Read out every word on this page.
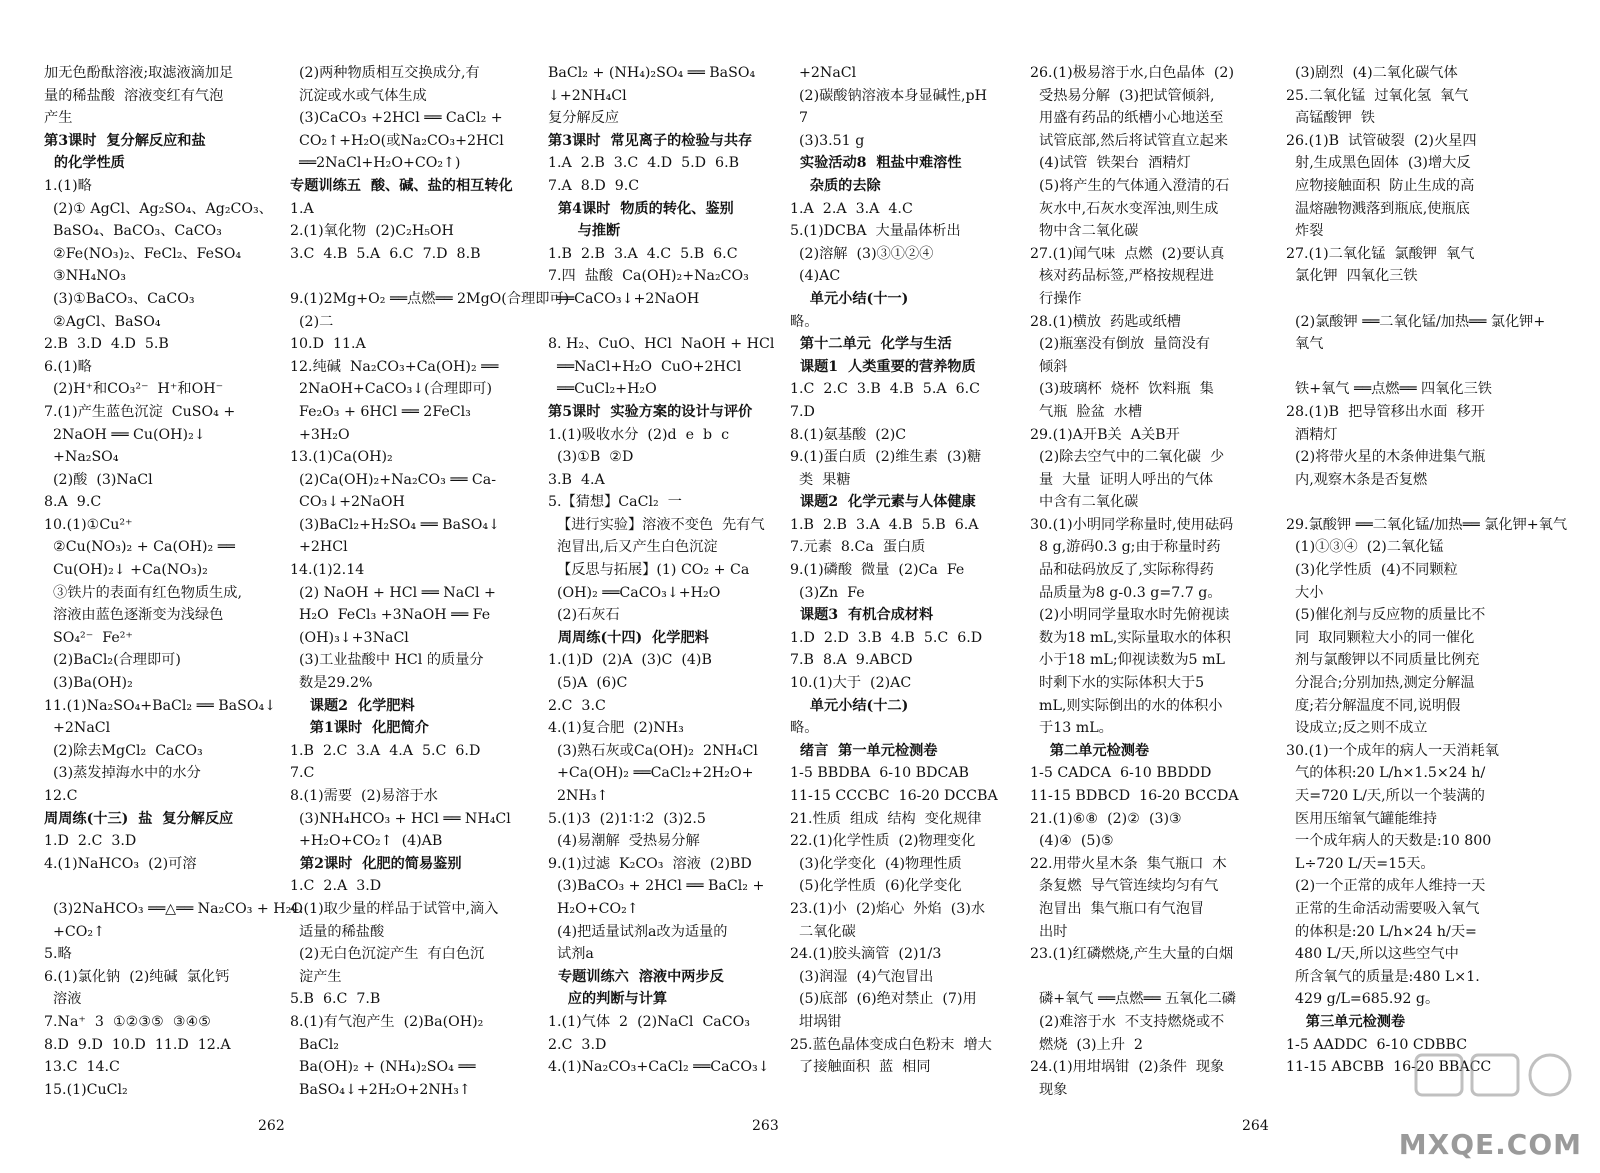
加无色酚酞溶液;取滤液滴加足
量的稀盐酸  溶液变红有气泡
产生
第3课时  复分解反应和盐
的化学性质
1.(1)略
(2)① AgCl、Ag₂SO₄、Ag₂CO₃、
BaSO₄、BaCO₃、CaCO₃
②Fe(NO₃)₂、FeCl₂、FeSO₄
③NH₄NO₃
(3)①BaCO₃、CaCO₃
②AgCl、BaSO₄
2.B  3.D  4.D  5.B
6.(1)略
(2)H⁺和CO₃²⁻  H⁺和OH⁻
7.(1)产生蓝色沉淀  CuSO₄ +
2NaOH ══ Cu(OH)₂↓
+Na₂SO₄
(2)酸  (3)NaCl
8.A  9.C
10.(1)①Cu²⁺
②Cu(NO₃)₂ + Ca(OH)₂ ══
Cu(OH)₂↓ +Ca(NO₃)₂
③铁片的表面有红色物质生成,
溶液由蓝色逐渐变为浅绿色
SO₄²⁻  Fe²⁺
(2)BaCl₂(合理即可)
(3)Ba(OH)₂
11.(1)Na₂SO₄+BaCl₂ ══ BaSO₄↓
+2NaCl
(2)除去MgCl₂  CaCO₃
(3)蒸发掉海水中的水分
12.C
周周练(十三)  盐  复分解反应
1.D  2.C  3.D
4.(1)NaHCO₃  (2)可溶
(3)2NaHCO₃ ══△══ Na₂CO₃ + H₂O
+CO₂↑
5.略
6.(1)氯化钠  (2)纯碱  氯化钙
溶液
7.Na⁺  3  ①②③⑤  ③④⑤
8.D  9.D  10.D  11.D  12.A
13.C  14.C
15.(1)CuCl₂
(2)两种物质相互交换成分,有
沉淀或水或气体生成
(3)CaCO₃ +2HCl ══ CaCl₂ +
CO₂↑+H₂O(或Na₂CO₃+2HCl
══2NaCl+H₂O+CO₂↑)
专题训练五  酸、碱、盐的相互转化
1.A
2.(1)氧化物  (2)C₂H₅OH
3.C  4.B  5.A  6.C  7.D  8.B
9.(1)2Mg+O₂ ══点燃══ 2MgO(合理即可)
(2)二
10.D  11.A
12.纯碱  Na₂CO₃+Ca(OH)₂ ══
2NaOH+CaCO₃↓(合理即可)
Fe₂O₃ + 6HCl ══ 2FeCl₃
+3H₂O
13.(1)Ca(OH)₂
(2)Ca(OH)₂+Na₂CO₃ ══ Ca-
CO₃↓+2NaOH
(3)BaCl₂+H₂SO₄ ══ BaSO₄↓
+2HCl
14.(1)2.14
(2) NaOH + HCl ══ NaCl +
H₂O  FeCl₃ +3NaOH ══ Fe
(OH)₃↓+3NaCl
(3)工业盐酸中 HCl 的质量分
数是29.2%
课题2  化学肥料
第1课时  化肥简介
1.B  2.C  3.A  4.A  5.C  6.D
7.C
8.(1)需要  (2)易溶于水
(3)NH₄HCO₃ + HCl ══ NH₄Cl
+H₂O+CO₂↑  (4)AB
第2课时  化肥的简易鉴别
1.C  2.A  3.D
4.(1)取少量的样品于试管中,滴入
适量的稀盐酸
(2)无白色沉淀产生  有白色沉
淀产生
5.B  6.C  7.B
8.(1)有气泡产生  (2)Ba(OH)₂
BaCl₂
Ba(OH)₂ + (NH₄)₂SO₄ ══
BaSO₄↓+2H₂O+2NH₃↑
BaCl₂ + (NH₄)₂SO₄ ══ BaSO₄
↓+2NH₄Cl
复分解反应
第3课时  常见离子的检验与共存
1.A  2.B  3.C  4.D  5.D  6.B
7.A  8.D  9.C
第4课时  物质的转化、鉴别
与推断
1.B  2.B  3.A  4.C  5.B  6.C
7.四  盐酸  Ca(OH)₂+Na₂CO₃
══CaCO₃↓+2NaOH
8. H₂、CuO、HCl  NaOH + HCl
══NaCl+H₂O  CuO+2HCl
══CuCl₂+H₂O
第5课时  实验方案的设计与评价
1.(1)吸收水分  (2)d  e  b  c
(3)①B  ②D
3.B  4.A
5.【猜想】CaCl₂  一
【进行实验】溶液不变色  先有气
泡冒出,后又产生白色沉淀
【反思与拓展】(1) CO₂ + Ca
(OH)₂ ══CaCO₃↓+H₂O
(2)石灰石
周周练(十四)  化学肥料
1.(1)D  (2)A  (3)C  (4)B
(5)A  (6)C
2.C  3.C
4.(1)复合肥  (2)NH₃
(3)熟石灰或Ca(OH)₂  2NH₄Cl
+Ca(OH)₂ ══CaCl₂+2H₂O+
2NH₃↑
5.(1)3  (2)1∶1∶2  (3)2.5
(4)易潮解  受热易分解
9.(1)过滤  K₂CO₃  溶液  (2)BD
(3)BaCO₃ + 2HCl ══ BaCl₂ +
H₂O+CO₂↑
(4)把适量试剂a改为适量的
试剂a
专题训练六  溶液中两步反
应的判断与计算
1.(1)气体  2  (2)NaCl  CaCO₃
2.C  3.D
4.(1)Na₂CO₃+CaCl₂ ══CaCO₃↓
+2NaCl
(2)碳酸钠溶液本身显碱性,pH
7
(3)3.51 g
实验活动8  粗盐中难溶性
杂质的去除
1.A  2.A  3.A  4.C
5.(1)DCBA  大量晶体析出
(2)溶解  (3)③①②④
(4)AC
单元小结(十一)
略。
第十二单元  化学与生活
课题1  人类重要的营养物质
1.C  2.C  3.B  4.B  5.A  6.C
7.D
8.(1)氨基酸  (2)C
9.(1)蛋白质  (2)维生素  (3)糖
类  果糖
课题2  化学元素与人体健康
1.B  2.B  3.A  4.B  5.B  6.A
7.元素  8.Ca  蛋白质
9.(1)磷酸  微量  (2)Ca  Fe
(3)Zn  Fe
课题3  有机合成材料
1.D  2.D  3.B  4.B  5.C  6.D
7.B  8.A  9.ABCD
10.(1)大于  (2)AC
单元小结(十二)
略。
绪言  第一单元检测卷
1-5 BBDBA  6-10 BDCAB
11-15 CCCBC  16-20 DCCBA
21.性质  组成  结构  变化规律
22.(1)化学性质  (2)物理变化
(3)化学变化  (4)物理性质
(5)化学性质  (6)化学变化
23.(1)小  (2)焰心  外焰  (3)水
二氧化碳
24.(1)胶头滴管  (2)1/3
(3)润湿  (4)气泡冒出
(5)底部  (6)绝对禁止  (7)用
坩埚钳
25.蓝色晶体变成白色粉末  增大
了接触面积  蓝  相同
26.(1)极易溶于水,白色晶体  (2)
受热易分解  (3)把试管倾斜,
用盛有药品的纸槽小心地送至
试管底部,然后将试管直立起来
(4)试管  铁架台  酒精灯
(5)将产生的气体通入澄清的石
灰水中,石灰水变浑浊,则生成
物中含二氧化碳
27.(1)闻气味  点燃  (2)要认真
核对药品标签,严格按规程进
行操作
28.(1)横放  药匙或纸槽
(2)瓶塞没有倒放  量筒没有
倾斜
(3)玻璃杯  烧杯  饮料瓶  集
气瓶  脸盆  水槽
29.(1)A开B关  A关B开
(2)除去空气中的二氧化碳  少
量  大量  证明人呼出的气体
中含有二氧化碳
30.(1)小明同学称量时,使用砝码
8 g,游码0.3 g;由于称量时药
品和砝码放反了,实际称得药
品质量为8 g-0.3 g=7.7 g。
(2)小明同学量取水时先俯视读
数为18 mL,实际量取水的体积
小于18 mL;仰视读数为5 mL
时剩下水的实际体积大于5
mL,则实际倒出的水的体积小
于13 mL。
第二单元检测卷
1-5 CADCA  6-10 BBDDD
11-15 BDBCD  16-20 BCCDA
21.(1)⑥⑧  (2)②  (3)③
(4)④  (5)⑤
22.用带火星木条  集气瓶口  木
条复燃  导气管连续均匀有气
泡冒出  集气瓶口有气泡冒
出时
23.(1)红磷燃烧,产生大量的白烟
磷+氧气 ══点燃══ 五氧化二磷
(2)难溶于水  不支持燃烧或不
燃烧  (3)上升  2
24.(1)用坩埚钳  (2)条件  现象
现象
(3)剧烈  (4)二氧化碳气体
25.二氧化锰  过氧化氢  氧气
高锰酸钾  铁
26.(1)B  试管破裂  (2)火星四
射,生成黑色固体  (3)增大反
应物接触面积  防止生成的高
温熔融物溅落到瓶底,使瓶底
炸裂
27.(1)二氧化锰  氯酸钾  氧气
氯化钾  四氧化三铁
(2)氯酸钾 ══二氧化锰/加热══ 氯化钾+
氧气
铁+氧气 ══点燃══ 四氧化三铁
28.(1)B  把导管移出水面  移开
酒精灯
(2)将带火星的木条伸进集气瓶
内,观察木条是否复燃
29.氯酸钾 ══二氧化锰/加热══ 氯化钾+氧气
(1)①③④  (2)二氧化锰
(3)化学性质  (4)不同颗粒
大小
(5)催化剂与反应物的质量比不
同  取同颗粒大小的同一催化
剂与氯酸钾以不同质量比例充
分混合;分别加热,测定分解温
度;若分解温度不同,说明假
设成立;反之则不成立
30.(1)一个成年的病人一天消耗氧
气的体积:20 L/h×1.5×24 h/
天=720 L/天,所以一个装满的
医用压缩氧气罐能维持
一个成年病人的天数是:10 800
L÷720 L/天=15天。
(2)一个正常的成年人维持一天
正常的生命活动需要吸入氧气
的体积是:20 L/h×24 h/天=
480 L/天,所以这些空气中
所含氧气的质量是:480 L×1.
429 g/L=685.92 g。
第三单元检测卷
1-5 AADDC  6-10 CDBBC
11-15 ABCBB  16-20 BBACC
262	263	264
MXQE.COM
